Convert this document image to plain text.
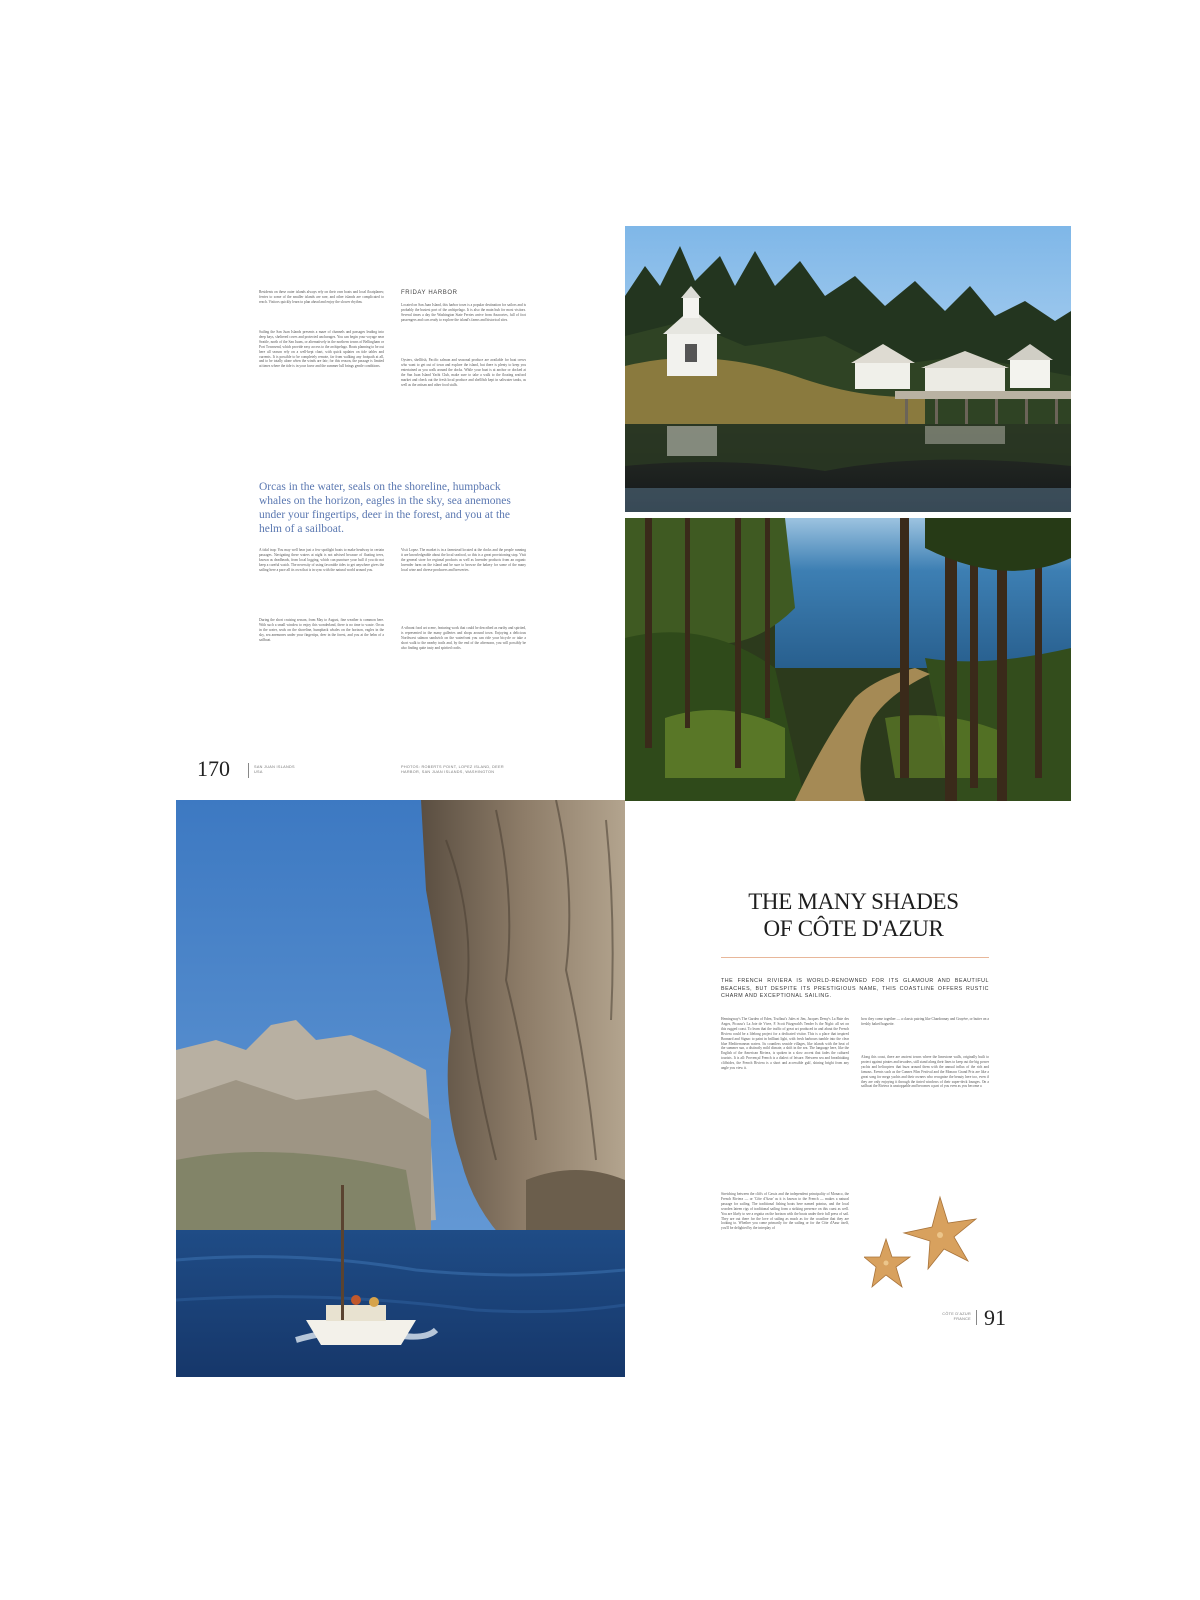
Residents on these outer islands always rely on their own boats and local floatplanes; ferries to some of the smaller islands are rare, and other islands are complicated to reach. Visitors quickly learn to plan ahead and enjoy the slower rhythm.
Sailing the San Juan Islands presents a maze of channels and passages leading into deep bays, sheltered coves and protected anchorages. You can begin your voyage near Seattle, north of the San Juans, or alternatively in the northern towns of Bellingham or Port Townsend, which provide easy access to the archipelago. Boats planning to be out here all season rely on a well-kept chart, with quick updates on tide tables and currents. It is possible to be completely remote, far from walking any footpath at all, and to be totally alone when the winds are fair; for this reason, the passage is limited at times where the tide is in your favor and the summer lull brings gentle conditions.
FRIDAY HARBOR
Located on San Juan Island, this harbor town is a popular destination for sailors and is probably the busiest port of the archipelago. It is also the main hub for most visitors. Several times a day the Washington State Ferries arrive from Anacortes, full of foot passengers and cars ready to explore the island's farms and historical sites.
Oysters, shellfish, Pacific salmon and seasonal produce are available for boat crews who want to get out of town and explore the island, but there is plenty to keep you entertained as you walk around the docks. While your boat is at anchor or docked at the San Juan Island Yacht Club, make sure to take a walk to the floating seafood market and check out the fresh local produce and shellfish kept in saltwater tanks, as well as the artisan and other food stalls.
Orcas in the water, seals on the shoreline, humpback whales on the horizon, eagles in the sky, sea anemones under your fingertips, deer in the forest, and you at the helm of a sailboat.
A tidal trap: You may well hear just a few spotlight boats to make headway in certain passages. Navigating these waters at night is not advised because of floating trees, known as deadheads, from local logging, which can puncture your hull if you do not keep a careful watch. The necessity of using favorable tides to get anywhere gives the sailing here a pace all its own that is in sync with the natural world around you.
During the short cruising season, from May to August, fine weather is common here. With such a small window to enjoy this wonderland, there is no time to waste. Orcas in the water, seals on the shoreline, humpback whales on the horizon, eagles in the sky, sea anemones under your fingertips, deer in the forest, and you at the helm of a sailboat.
Visit Lopez. The market is in a farmstead located at the docks and the people running it are knowledgeable about the local seafood, so this is a great provisioning stop. Visit the general store for regional products as well as lavender products from an organic lavender farm on the island and be sure to browse the bakery for some of the many local wine and cheese producers and breweries.
A vibrant food art scene, featuring work that could be described as earthy and spirited, is represented in the many galleries and shops around town. Enjoying a delicious Northwest salmon sandwich on the waterfront you can ride your bicycle or take a short walk to the nearby trails and, by the end of the afternoon, you will possibly be also finding quite tasty and spirited crafts.
170	SAN JUAN ISLANDS
USA
PHOTOS: ROBERTS POINT, LOPEZ ISLAND, DEER
HARBOR, SAN JUAN ISLANDS, WASHINGTON
THE MANY SHADES
OF CÔTE D'AZUR
THE FRENCH RIVIERA IS WORLD-RENOWNED FOR ITS GLAMOUR AND BEAUTIFUL BEACHES, BUT DESPITE ITS PRESTIGIOUS NAME, THIS COASTLINE OFFERS RUSTIC CHARM AND EXCEPTIONAL SAILING.
Hemingway's The Garden of Eden, Truffaut's Jules et Jim, Jacques Demy's La Baie des Anges, Picasso's La Joie de Vivre, F. Scott Fitzgerald's Tender Is the Night: all set on this rugged coast. To learn that the traffic of great art produced in and about the French Riviera could be a lifelong project for a dedicated visitor. This is a place that inspired Bonnard and Signac to paint in brilliant light, with fresh harbours tumble into the clear blue Mediterranean waters. Its countless seaside villages, like islands with the heat of the summer sun, a distinctly mild climate, a shift in the sea. The language here, like the English of the American Riviera, is spoken in a slow accent that fades the cultured tourists. It is all: Provençal French is a dialect of leisure. Between sea and breathtaking cliffsides, the French Riviera is a short and accessible gulf, shining bright from any angle you view it.
Stretching between the cliffs of Cassis and the independent principality of Monaco, the French Riviera — or 'Côte d'Azur' as it is known to the French — makes a natural passage for sailing. The traditional fishing boats here named pointus, and the local wooden lateen rigs of traditional sailing form a striking presence on this coast as well. You are likely to see a regatta on the horizon with the boats under their full press of sail. They are out there for the love of sailing as much as for the coastline that they are looking to. Whether you come primarily for the sailing or for the Côte d'Azur itself, you'll be delighted by the interplay of
how they come together — a classic pairing like Chardonnay and Gruyère, or butter on a freshly baked baguette.
Along this coast, there are ancient towns where the limestone walls, originally built to protect against pirates and invaders, still stand along their lines to keep out the big power yachts and helicopters that buzz around them with the annual influx of the rich and famous. Events such as the Cannes Film Festival and the Monaco Grand Prix are like a great song for mega yachts and their owners who recognize the beauty here too, even if they are only enjoying it through the tinted windows of their super-deck lounges. On a sailboat the Riviera is unstoppable and becomes a part of you even as you become a
CÔTE D'AZUR
FRANCE 91
